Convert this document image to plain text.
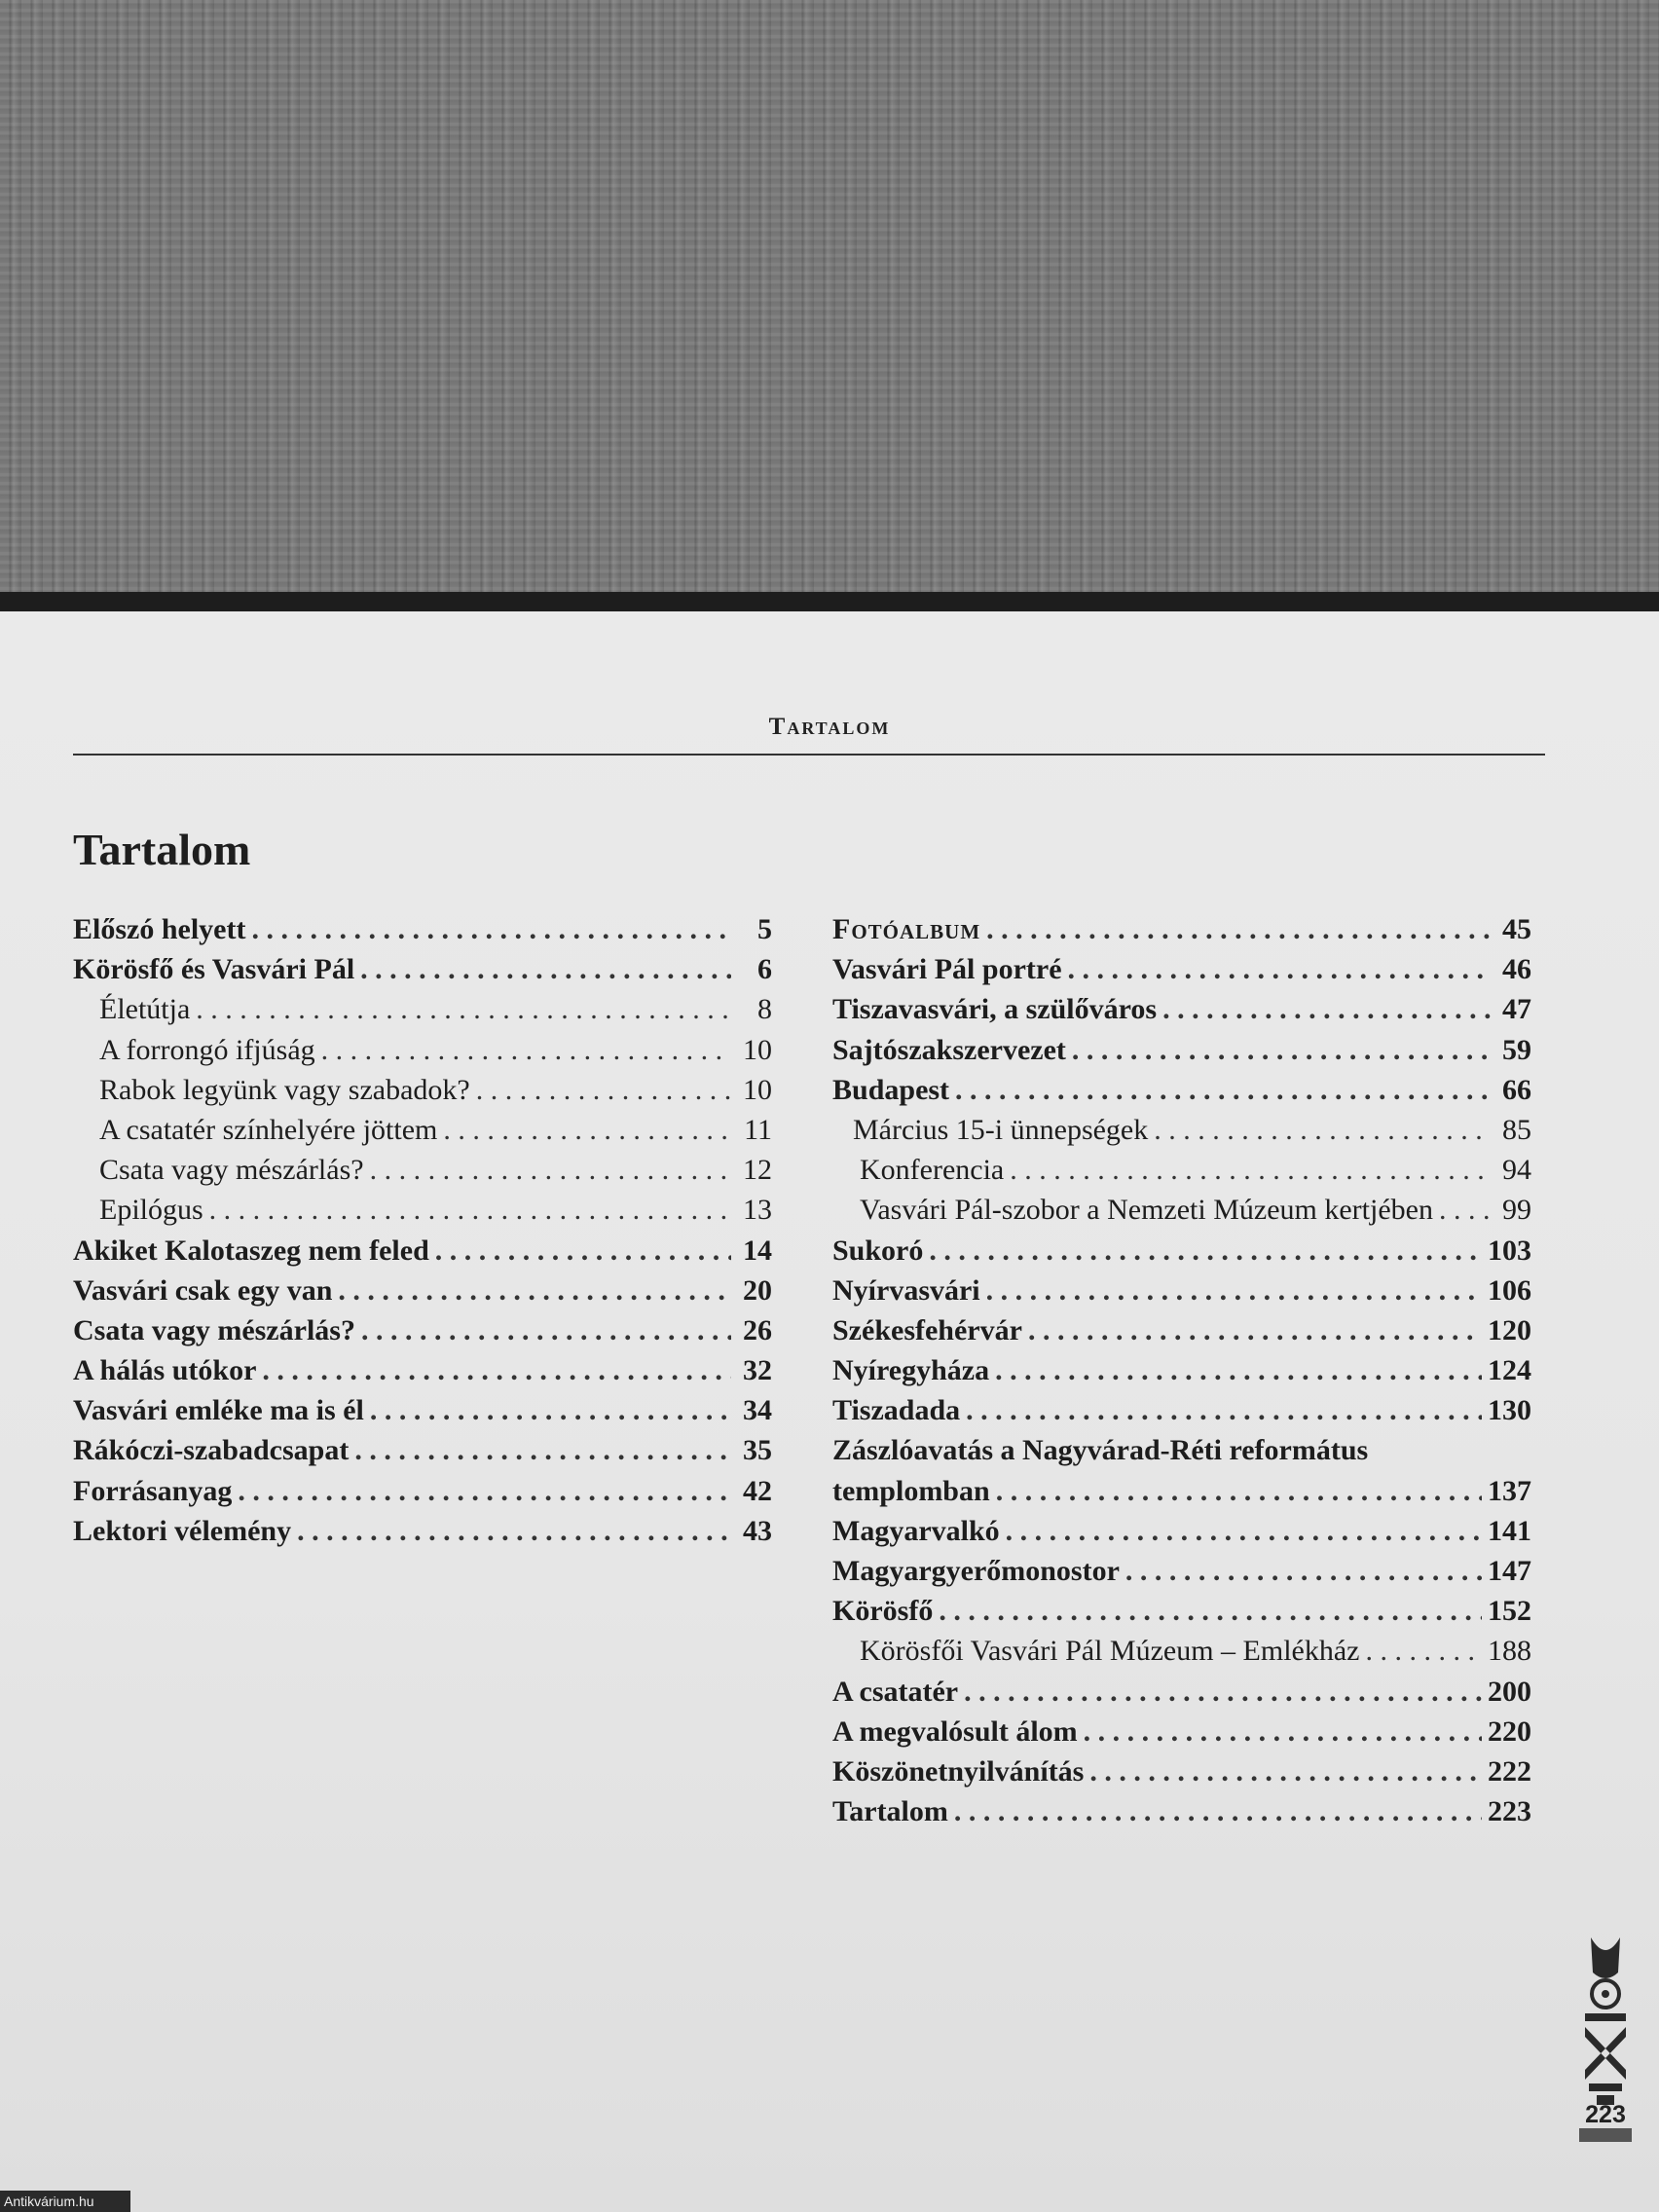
Tartalom
Tartalom
Előszó helyett . . .	5
Körösfő és Vasvári Pál . . .	6
Életútja . . .	8
A forrongó ifjúság . . .	10
Rabok legyünk vagy szabadok? . . .	10
A csatatér színhelyére jöttem . . .	11
Csata vagy mészárlás? . . .	12
Epilógus . . .	13
Akiket Kalotaszeg nem feled . . .	14
Vasvári csak egy van . . .	20
Csata vagy mészárlás? . . .	26
A hálás utókor . . .	32
Vasvári emléke ma is él . . .	34
Rákóczi-szabadcsapat . . .	35
Forrásanyag . . .	42
Lektori vélemény . . .	43
Fotóalbum . . .	45
Vasvári Pál portré . . .	46
Tiszavasvári, a szülőváros . . .	47
Sajtószakszervezet . . .	59
Budapest . . .	66
Március 15-i ünnepségek . . .	85
Konferencia . . .	94
Vasvári Pál-szobor a Nemzeti Múzeum kertjében . . . 99
Sukoró . . .	103
Nyírvasvári . . .	106
Székesfehérvár . . .	120
Nyíregyháza . . .	124
Tiszadada . . .	130
Zászlóavatás a Nagyvárad-Réti református
templomban . . .	137
Magyarvalkó . . .	141
Magyargyerőmonostor . . .	147
Körösfő . . .	152
Körösfői Vasvári Pál Múzeum – Emlékház . . .	188
A csatatér . . .	200
A megvalósult álom . . .	220
Köszönetnyilvánítás . . .	222
Tartalom . . .	223
223
Antikvárium.hu
